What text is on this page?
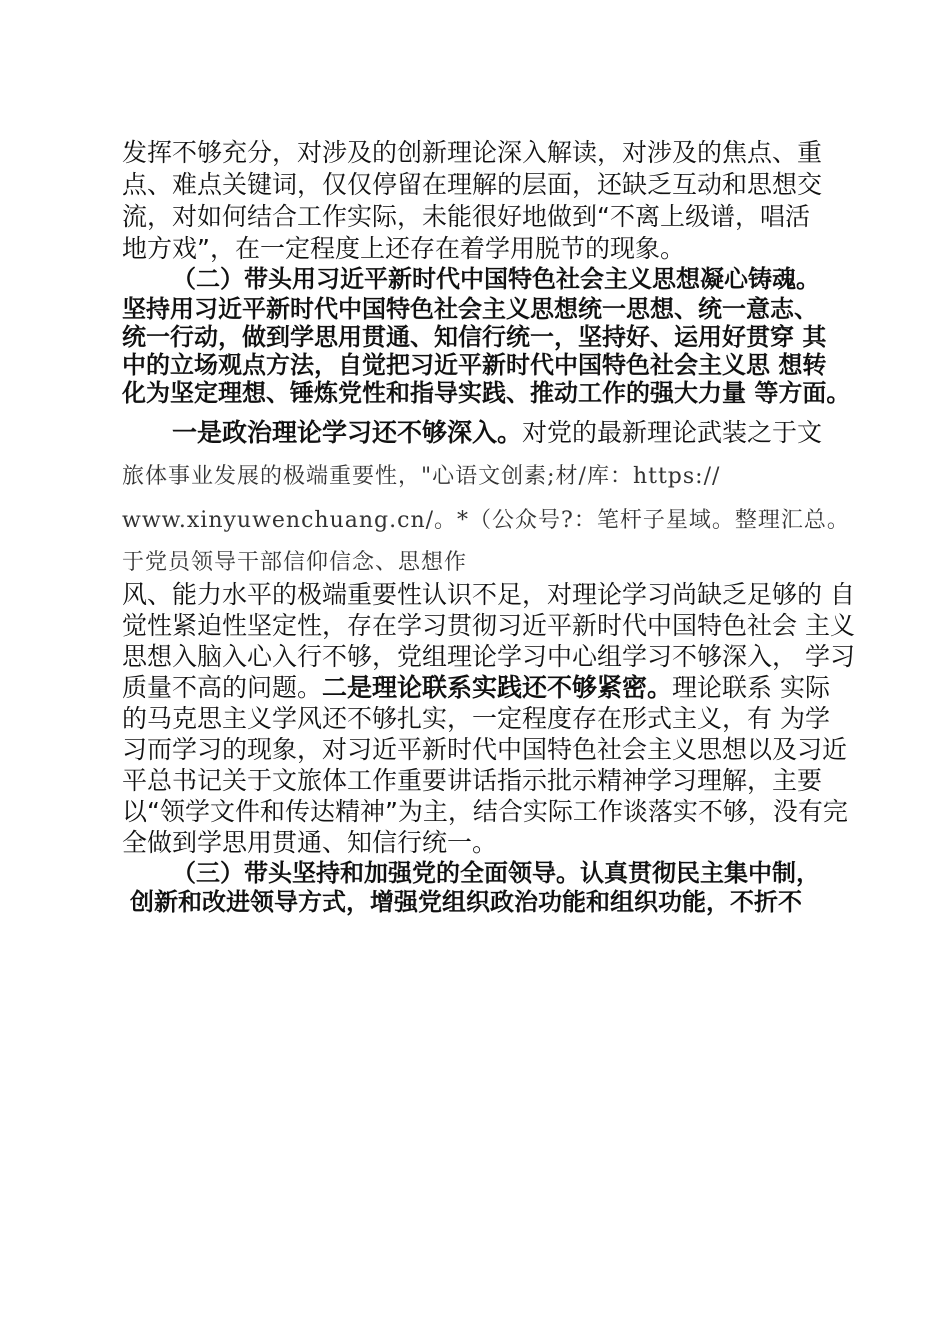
发挥不够充分，对涉及的创新理论深入解读，对涉及的焦点、重
点、难点关键词，仅仅停留在理解的层面，还缺乏互动和思想交
流，对如何结合工作实际，未能很好地做到“不离上级谱，唱活
地方戏”，在一定程度上还存在着学用脱节的现象。
（二）带头用习近平新时代中国特色社会主义思想凝心铸魂。
坚持用习近平新时代中国特色社会主义思想统一思想、统一意志、
统一行动，做到学思用贯通、知信行统一，坚持好、运用好贯穿 其
中的立场观点方法，自觉把习近平新时代中国特色社会主义思 想转
化为坚定理想、锤炼党性和指导实践、推动工作的强大力量 等方面。
一是政治理论学习还不够深入。对党的最新理论武装之于文
旅体事业发展的极端重要性，"心语文创素;材/库：https://
www.xinyuwenchuang.cn/。*（公众号?：笔杆子星域。整理汇总。
于党员领导干部信仰信念、思想作
风、能力水平的极端重要性认识不足，对理论学习尚缺乏足够的 自
觉性紧迫性坚定性，存在学习贯彻习近平新时代中国特色社会 主义
思想入脑入心入行不够，党组理论学习中心组学习不够深入， 学习
质量不高的问题。二是理论联系实践还不够紧密。理论联系 实际
的马克思主义学风还不够扎实，一定程度存在形式主义，有 为学
习而学习的现象，对习近平新时代中国特色社会主义思想以及习近
平总书记关于文旅体工作重要讲话指示批示精神学习理解，主要
以“领学文件和传达精神”为主，结合实际工作谈落实不够，没有完
全做到学思用贯通、知信行统一。
（三）带头坚持和加强党的全面领导。认真贯彻民主集中制，
创新和改进领导方式，增强党组织政治功能和组织功能，不折不
